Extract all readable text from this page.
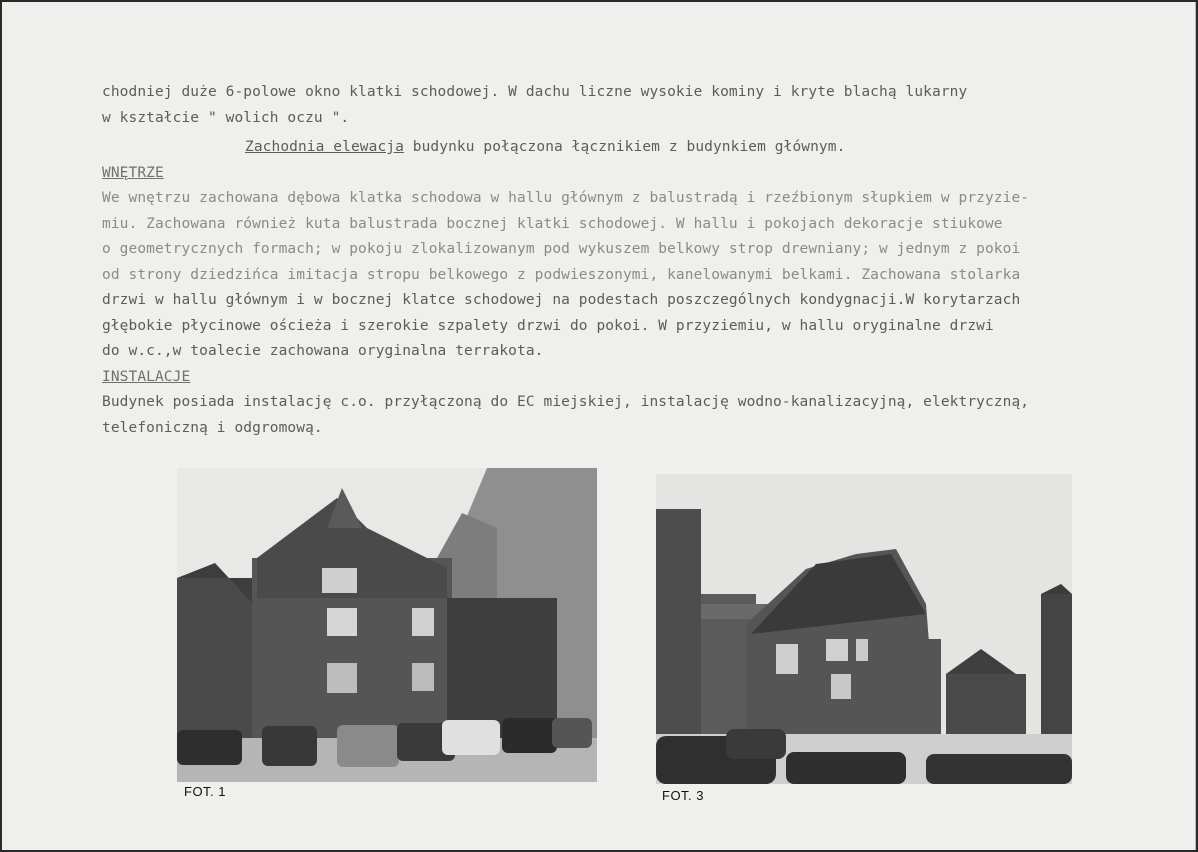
chodniej duże 6-polowe okno klatki schodowej. W dachu liczne wysokie kominy i kryte blachą lukarny
w kształcie " wolich oczu ".
Zachodnia elewacja budynku połączona łącznikiem z budynkiem głównym.
WNĘTRZE
We wnętrzu zachowana dębowa klatka schodowa w hallu głównym z balustradą i rzeźbionym słupkiem w przyzie-
miu. Zachowana również kuta balustrada bocznej klatki schodowej. W hallu i pokojach dekoracje stiukowe
o geometrycznych formach; w pokoju zlokalizowanym pod wykuszem belkowy strop drewniany; w jednym z pokoi
od strony dziedzińca imitacja stropu belkowego z podwieszonymi, kanelowanymi belkami. Zachowana stolarka
drzwi w hallu głównym i w bocznej klatce schodowej na podestach poszczególnych kondygnacji.W korytarzach
głębokie płycinowe ościeża i szerokie szpalety drzwi do pokoi. W przyziemiu, w hallu oryginalne drzwi
do w.c.,w toalecie zachowana oryginalna terrakota.
INSTALACJE
Budynek posiada instalację c.o. przyłączoną do EC miejskiej, instalację wodno-kanalizacyjną, elektryczną,
telefoniczną i odgromową.
FOT. 1	FOT. 3
